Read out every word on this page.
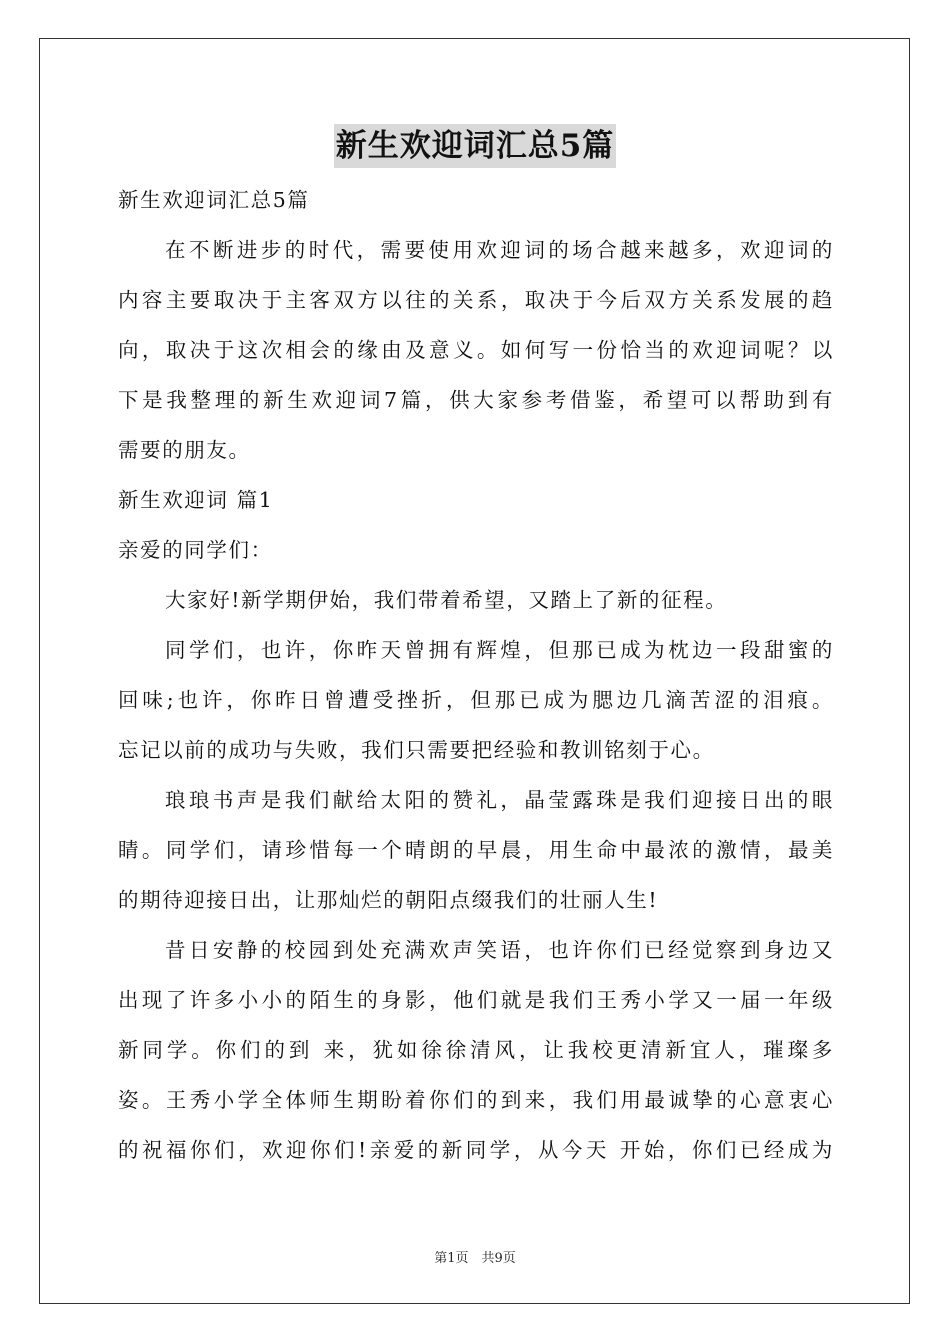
新生欢迎词汇总5篇
新生欢迎词汇总5篇
在不断进步的时代，需要使用欢迎词的场合越来越多，欢迎词的
内容主要取决于主客双方以往的关系，取决于今后双方关系发展的趋
向，取决于这次相会的缘由及意义。如何写一份恰当的欢迎词呢？以
下是我整理的新生欢迎词7篇，供大家参考借鉴，希望可以帮助到有
需要的朋友。
新生欢迎词 篇1
亲爱的同学们：
大家好!新学期伊始，我们带着希望，又踏上了新的征程。
同学们，也许，你昨天曾拥有辉煌，但那已成为枕边一段甜蜜的
回味;也许，你昨日曾遭受挫折，但那已成为腮边几滴苦涩的泪痕。
忘记以前的成功与失败，我们只需要把经验和教训铭刻于心。
琅琅书声是我们献给太阳的赞礼，晶莹露珠是我们迎接日出的眼
睛。同学们，请珍惜每一个晴朗的早晨，用生命中最浓的激情，最美
的期待迎接日出，让那灿烂的朝阳点缀我们的壮丽人生!
昔日安静的校园到处充满欢声笑语，也许你们已经觉察到身边又
出现了许多小小的陌生的身影，他们就是我们王秀小学又一届一年级
新同学。你们的到 来，犹如徐徐清风，让我校更清新宜人，璀璨多
姿。王秀小学全体师生期盼着你们的到来，我们用最诚挚的心意衷心
的祝福你们，欢迎你们!亲爱的新同学，从今天 开始，你们已经成为
第1页　共9页
